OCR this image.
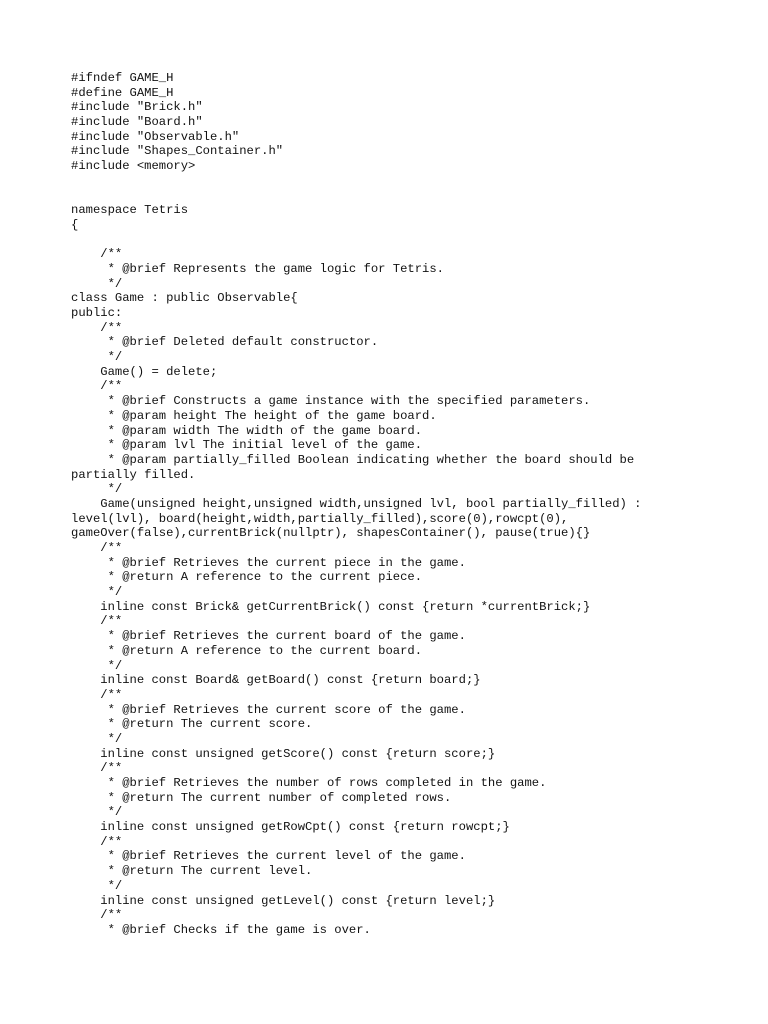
#ifndef GAME_H
#define GAME_H
#include "Brick.h"
#include "Board.h"
#include "Observable.h"
#include "Shapes_Container.h"
#include <memory>
namespace Tetris
{
/**
* @brief Represents the game logic for Tetris.
*/
class Game : public Observable{
public:
/**
* @brief Deleted default constructor.
*/
Game() = delete;
/**
* @brief Constructs a game instance with the specified parameters.
* @param height The height of the game board.
* @param width The width of the game board.
* @param lvl The initial level of the game.
* @param partially_filled Boolean indicating whether the board should be
partially filled.
*/
Game(unsigned height,unsigned width,unsigned lvl, bool partially_filled) :
level(lvl), board(height,width,partially_filled),score(0),rowcpt(0),
gameOver(false),currentBrick(nullptr), shapesContainer(), pause(true){}
/**
* @brief Retrieves the current piece in the game.
* @return A reference to the current piece.
*/
inline const Brick& getCurrentBrick() const {return *currentBrick;}
/**
* @brief Retrieves the current board of the game.
* @return A reference to the current board.
*/
inline const Board& getBoard() const {return board;}
/**
* @brief Retrieves the current score of the game.
* @return The current score.
*/
inline const unsigned getScore() const {return score;}
/**
* @brief Retrieves the number of rows completed in the game.
* @return The current number of completed rows.
*/
inline const unsigned getRowCpt() const {return rowcpt;}
/**
* @brief Retrieves the current level of the game.
* @return The current level.
*/
inline const unsigned getLevel() const {return level;}
/**
* @brief Checks if the game is over.
